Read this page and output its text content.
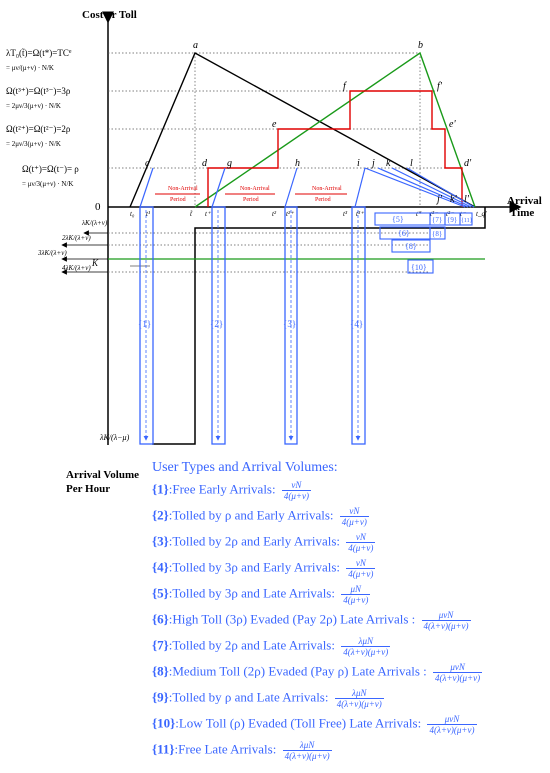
Cost or Toll
Arrival
Time
0
Arrival Volume
Per Hour
Non-Arrival
Period
Non-Arrival
Period
Non-Arrival
Period
a	b
c	d
e
f	f'
e'
d'
g	h	i j k l
j' k' l'
t₀ t¹	t̃ t⁺	t² t²⁺	t³ t³⁺	t* t³⁻ t²⁻ t⁻ t_q'
$\lambda T_0(t̃)=\Omega(t*)=TC^e$
= μν/(μ+ν) · N/K
Ω(t³⁺)=Ω(t³⁻)=3ρ
= 2μν/3(μ+ν) · N/K
Ω(t²⁺)=Ω(t²⁻)=2ρ
= 2μν/3(μ+ν) · N/K
Ω(t⁺)=Ω(t⁻)= ρ
= μν/3(μ+ν) · N/K
λK/(λ+ν)
2λK/(λ+ν)
3λK/(λ+ν)
4λK/(λ+ν) K
λK/(λ−μ)
{1}	{2}	{3}	{4}
{5}
{6}
{7}
{8}
{8}
{9}
{10}
{11}
User Types and Arrival Volumes:
{1}:Free Early Arrivals: $\frac{\nu N}{4(\mu+\nu)}$
{2}:Tolled by ρ and Early Arrivals: $\frac{\nu N}{4(\mu+\nu)}$
{3}:Tolled by 2ρ and Early Arrivals: $\frac{\nu N}{4(\mu+\nu)}$
{4}:Tolled by 3ρ and Early Arrivals: $\frac{\nu N}{4(\mu+\nu)}$
{5}:Tolled by 3ρ and Late Arrivals: $\frac{\mu N}{4(\mu+\nu)}$
{6}:High Toll (3ρ) Evaded (Pay 2ρ) Late Arrivals : $\frac{\text{μνN}}{4(\lambda+\nu)(\mu+\nu)}$
{7}:Tolled by 2ρ and Late Arrivals: $\frac{\text{λμN}}{4(\lambda+\nu)(\mu+\nu)}$
{8}:Medium Toll (2ρ) Evaded (Pay ρ) Late Arrivals : $\frac{\text{μνN}}{4(\lambda+\nu)(\mu+\nu)}$
{9}:Tolled by ρ and Late Arrivals: $\frac{\text{λμN}}{4(\lambda+\nu)(\mu+\nu)}$
{10}:Low Toll (ρ) Evaded (Toll Free) Late Arrivals: $\frac{\text{μνN}}{4(\lambda+\nu)(\mu+\nu)}$
{11}:Free Late Arrivals: $\frac{\text{λμN}}{4(\lambda+\nu)(\mu+\nu)}$
